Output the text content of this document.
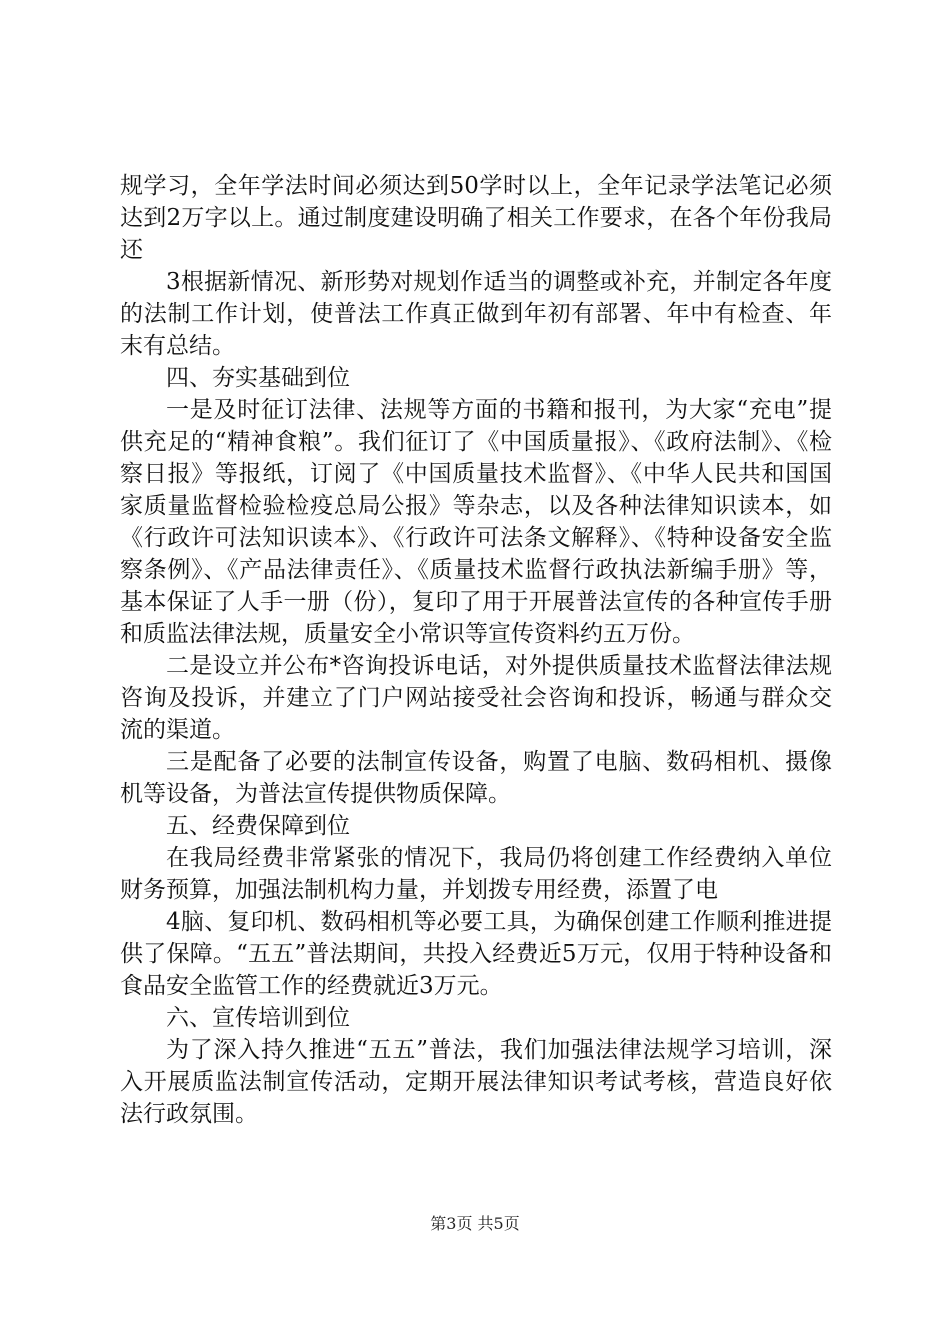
规学习，全年学法时间必须达到50学时以上，全年记录学法笔记必须达到2万字以上。通过制度建设明确了相关工作要求，在各个年份我局还

3根据新情况、新形势对规划作适当的调整或补充，并制定各年度的法制工作计划，使普法工作真正做到年初有部署、年中有检查、年末有总结。

四、夯实基础到位

一是及时征订法律、法规等方面的书籍和报刊，为大家“充电”提供充足的“精神食粮”。我们征订了《中国质量报》、《政府法制》、《检察日报》等报纸，订阅了《中国质量技术监督》、《中华人民共和国国家质量监督检验检疫总局公报》等杂志，以及各种法律知识读本，如《行政许可法知识读本》、《行政许可法条文解释》、《特种设备安全监察条例》、《产品法律责任》、《质量技术监督行政执法新编手册》等，基本保证了人手一册（份），复印了用于开展普法宣传的各种宣传手册和质监法律法规，质量安全小常识等宣传资料约五万份。

二是设立并公布*咨询投诉电话，对外提供质量技术监督法律法规咨询及投诉，并建立了门户网站接受社会咨询和投诉，畅通与群众交流的渠道。

三是配备了必要的法制宣传设备，购置了电脑、数码相机、摄像机等设备，为普法宣传提供物质保障。

五、经费保障到位

在我局经费非常紧张的情况下，我局仍将创建工作经费纳入单位财务预算，加强法制机构力量，并划拨专用经费，添置了电

4脑、复印机、数码相机等必要工具，为确保创建工作顺利推进提供了保障。“五五”普法期间，共投入经费近5万元，仅用于特种设备和食品安全监管工作的经费就近3万元。

六、宣传培训到位

为了深入持久推进“五五”普法，我们加强法律法规学习培训，深入开展质监法制宣传活动，定期开展法律知识考试考核，营造良好依法行政氛围。

第3页 共5页
